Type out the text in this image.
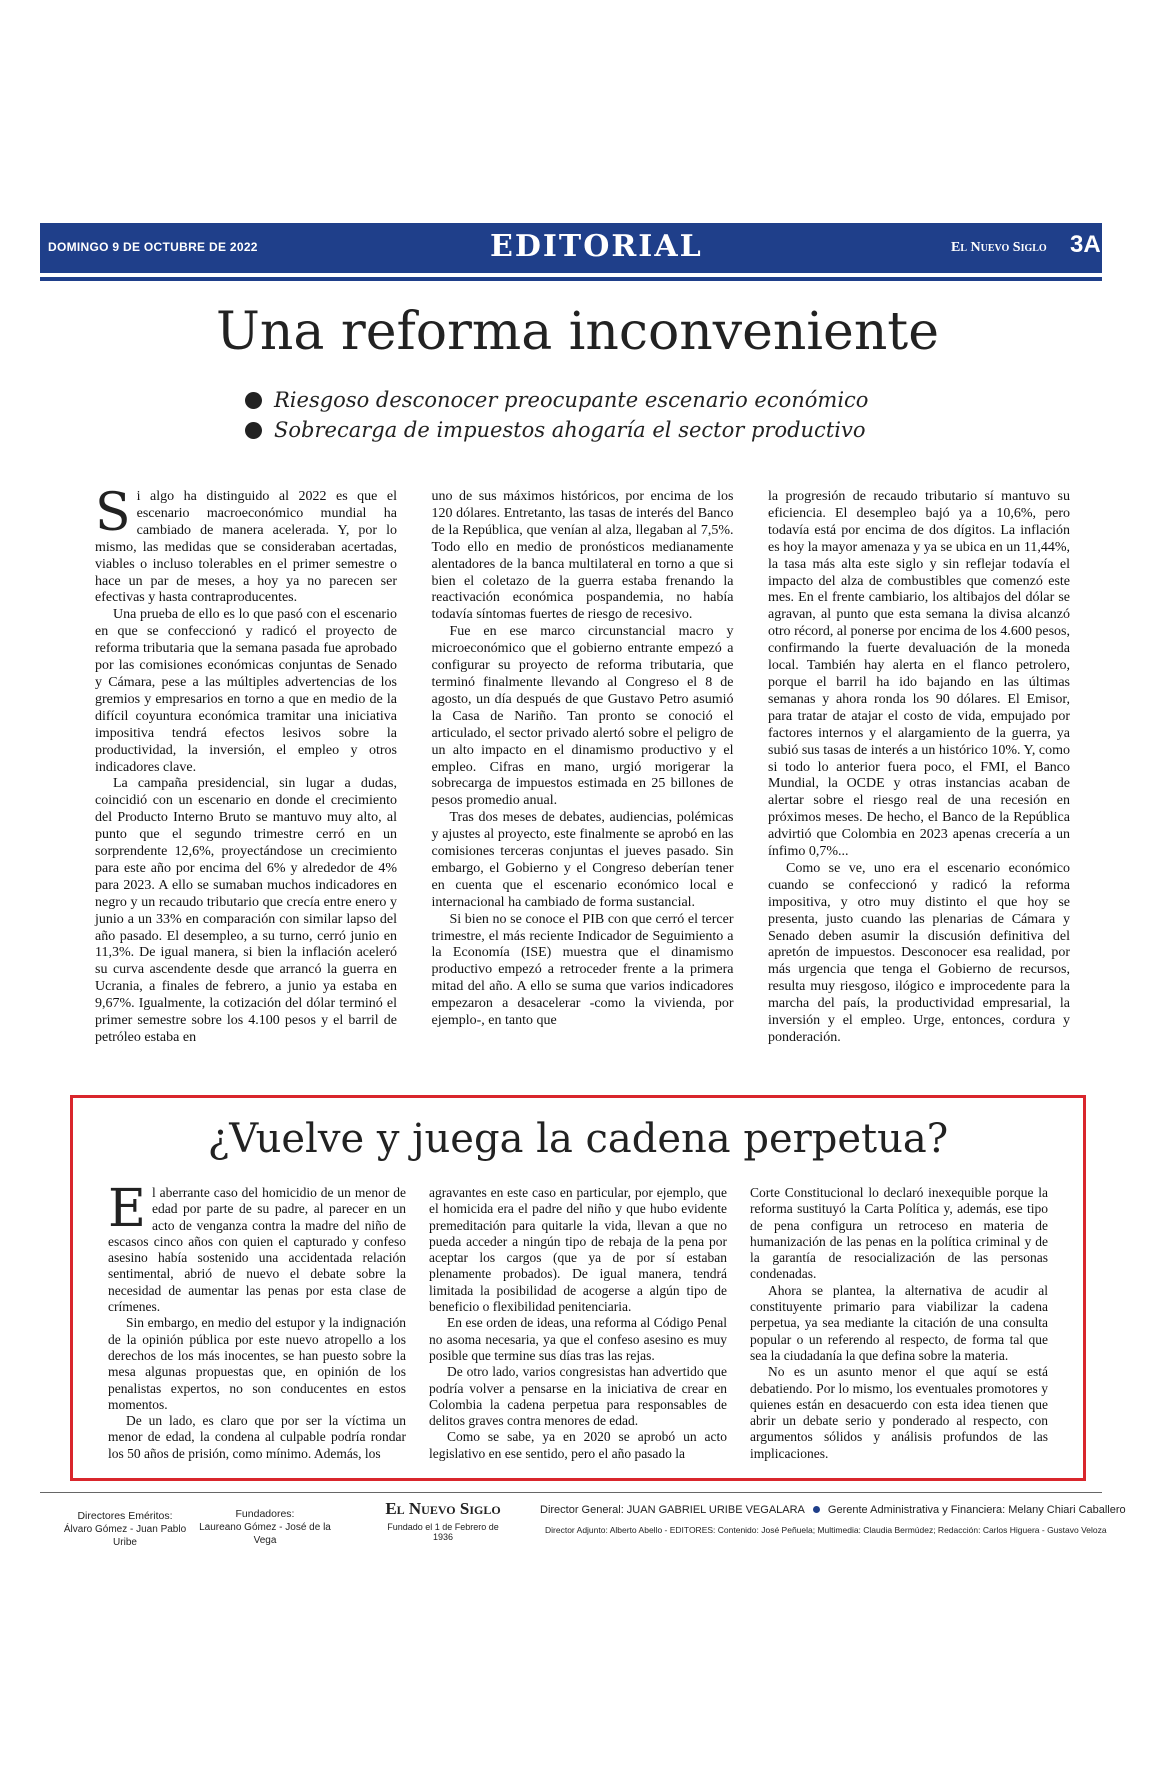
DOMINGO 9 DE OCTUBRE DE 2022	EDITORIAL	El Nuevo Siglo 3A
Una reforma inconveniente
Riesgoso desconocer preocupante escenario económico
Sobrecarga de impuestos ahogaría el sector productivo

Si algo ha distinguido al 2022 es que el escenario macroeconómico mundial ha cambiado de manera acelerada. Y, por lo mismo, las medidas que se consideraban acertadas, viables o incluso tolerables en el primer semestre o hace un par de meses, a hoy ya no parecen ser efectivas y hasta contraproducentes.

Una prueba de ello es lo que pasó con el escenario en que se confeccionó y radicó el proyecto de reforma tributaria que la semana pasada fue aprobado por las comisiones económicas conjuntas de Senado y Cámara, pese a las múltiples advertencias de los gremios y empresarios en torno a que en medio de la difícil coyuntura económica tramitar una iniciativa impositiva tendrá efectos lesivos sobre la productividad, la inversión, el empleo y otros indicadores clave.

La campaña presidencial, sin lugar a dudas, coincidió con un escenario en donde el crecimiento del Producto Interno Bruto se mantuvo muy alto, al punto que el segundo trimestre cerró en un sorprendente 12,6%, proyectándose un crecimiento para este año por encima del 6% y alrededor de 4% para 2023. A ello se sumaban muchos indicadores en negro y un recaudo tributario que crecía entre enero y junio a un 33% en comparación con similar lapso del año pasado. El desempleo, a su turno, cerró junio en 11,3%. De igual manera, si bien la inflación aceleró su curva ascendente desde que arrancó la guerra en Ucrania, a finales de febrero, a junio ya estaba en 9,67%. Igualmente, la cotización del dólar terminó el primer semestre sobre los 4.100 pesos y el barril de petróleo estaba en

uno de sus máximos históricos, por encima de los 120 dólares. Entretanto, las tasas de interés del Banco de la República, que venían al alza, llegaban al 7,5%. Todo ello en medio de pronósticos medianamente alentadores de la banca multilateral en torno a que si bien el coletazo de la guerra estaba frenando la reactivación económica pospandemia, no había todavía síntomas fuertes de riesgo de recesivo.

Fue en ese marco circunstancial macro y microeconómico que el gobierno entrante empezó a configurar su proyecto de reforma tributaria, que terminó finalmente llevando al Congreso el 8 de agosto, un día después de que Gustavo Petro asumió la Casa de Nariño. Tan pronto se conoció el articulado, el sector privado alertó sobre el peligro de un alto impacto en el dinamismo productivo y el empleo. Cifras en mano, urgió morigerar la sobrecarga de impuestos estimada en 25 billones de pesos promedio anual.

Tras dos meses de debates, audiencias, polémicas y ajustes al proyecto, este finalmente se aprobó en las comisiones terceras conjuntas el jueves pasado. Sin embargo, el Gobierno y el Congreso deberían tener en cuenta que el escenario económico local e internacional ha cambiado de forma sustancial.

Si bien no se conoce el PIB con que cerró el tercer trimestre, el más reciente Indicador de Seguimiento a la Economía (ISE) muestra que el dinamismo productivo empezó a retroceder frente a la primera mitad del año. A ello se suma que varios indicadores empezaron a desacelerar -como la vivienda, por ejemplo-, en tanto que

la progresión de recaudo tributario sí mantuvo su eficiencia. El desempleo bajó ya a 10,6%, pero todavía está por encima de dos dígitos. La inflación es hoy la mayor amenaza y ya se ubica en un 11,44%, la tasa más alta este siglo y sin reflejar todavía el impacto del alza de combustibles que comenzó este mes. En el frente cambiario, los altibajos del dólar se agravan, al punto que esta semana la divisa alcanzó otro récord, al ponerse por encima de los 4.600 pesos, confirmando la fuerte devaluación de la moneda local. También hay alerta en el flanco petrolero, porque el barril ha ido bajando en las últimas semanas y ahora ronda los 90 dólares. El Emisor, para tratar de atajar el costo de vida, empujado por factores internos y el alargamiento de la guerra, ya subió sus tasas de interés a un histórico 10%. Y, como si todo lo anterior fuera poco, el FMI, el Banco Mundial, la OCDE y otras instancias acaban de alertar sobre el riesgo real de una recesión en próximos meses. De hecho, el Banco de la República advirtió que Colombia en 2023 apenas crecería a un ínfimo 0,7%...

Como se ve, uno era el escenario económico cuando se confeccionó y radicó la reforma impositiva, y otro muy distinto el que hoy se presenta, justo cuando las plenarias de Cámara y Senado deben asumir la discusión definitiva del apretón de impuestos. Desconocer esa realidad, por más urgencia que tenga el Gobierno de recursos, resulta muy riesgoso, ilógico e improcedente para la marcha del país, la productividad empresarial, la inversión y el empleo. Urge, entonces, cordura y ponderación.

¿Vuelve y juega la cadena perpetua?

El aberrante caso del homicidio de un menor de edad por parte de su padre, al parecer en un acto de venganza contra la madre del niño de escasos cinco años con quien el capturado y confeso asesino había sostenido una accidentada relación sentimental, abrió de nuevo el debate sobre la necesidad de aumentar las penas por esta clase de crímenes.

Sin embargo, en medio del estupor y la indignación de la opinión pública por este nuevo atropello a los derechos de los más inocentes, se han puesto sobre la mesa algunas propuestas que, en opinión de los penalistas expertos, no son conducentes en estos momentos.

De un lado, es claro que por ser la víctima un menor de edad, la condena al culpable podría rondar los 50 años de prisión, como mínimo. Además, los

agravantes en este caso en particular, por ejemplo, que el homicida era el padre del niño y que hubo evidente premeditación para quitarle la vida, llevan a que no pueda acceder a ningún tipo de rebaja de la pena por aceptar los cargos (que ya de por sí estaban plenamente probados). De igual manera, tendrá limitada la posibilidad de acogerse a algún tipo de beneficio o flexibilidad penitenciaria.

En ese orden de ideas, una reforma al Código Penal no asoma necesaria, ya que el confeso asesino es muy posible que termine sus días tras las rejas.

De otro lado, varios congresistas han advertido que podría volver a pensarse en la iniciativa de crear en Colombia la cadena perpetua para responsables de delitos graves contra menores de edad.

Como se sabe, ya en 2020 se aprobó un acto legislativo en ese sentido, pero el año pasado la

Corte Constitucional lo declaró inexequible porque la reforma sustituyó la Carta Política y, además, ese tipo de pena configura un retroceso en materia de humanización de las penas en la política criminal y de la garantía de resocialización de las personas condenadas.

Ahora se plantea, la alternativa de acudir al constituyente primario para viabilizar la cadena perpetua, ya sea mediante la citación de una consulta popular o un referendo al respecto, de forma tal que sea la ciudadanía la que defina sobre la materia.

No es un asunto menor el que aquí se está debatiendo. Por lo mismo, los eventuales promotores y quienes están en desacuerdo con esta idea tienen que abrir un debate serio y ponderado al respecto, con argumentos sólidos y análisis profundos de las implicaciones.

Directores Eméritos:
Álvaro Gómez - Juan Pablo Uribe
Fundadores:
Laureano Gómez - José de la Vega
El Nuevo Siglo
Fundado el 1 de Febrero de 1936
Director General: JUAN GABRIEL URIBE VEGALARA Gerente Administrativa y Financiera: Melany Chiari Caballero
Director Adjunto: Alberto Abello - EDITORES: Contenido: José Peñuela; Multimedia: Claudia Bermúdez; Redacción: Carlos Higuera - Gustavo Veloza
